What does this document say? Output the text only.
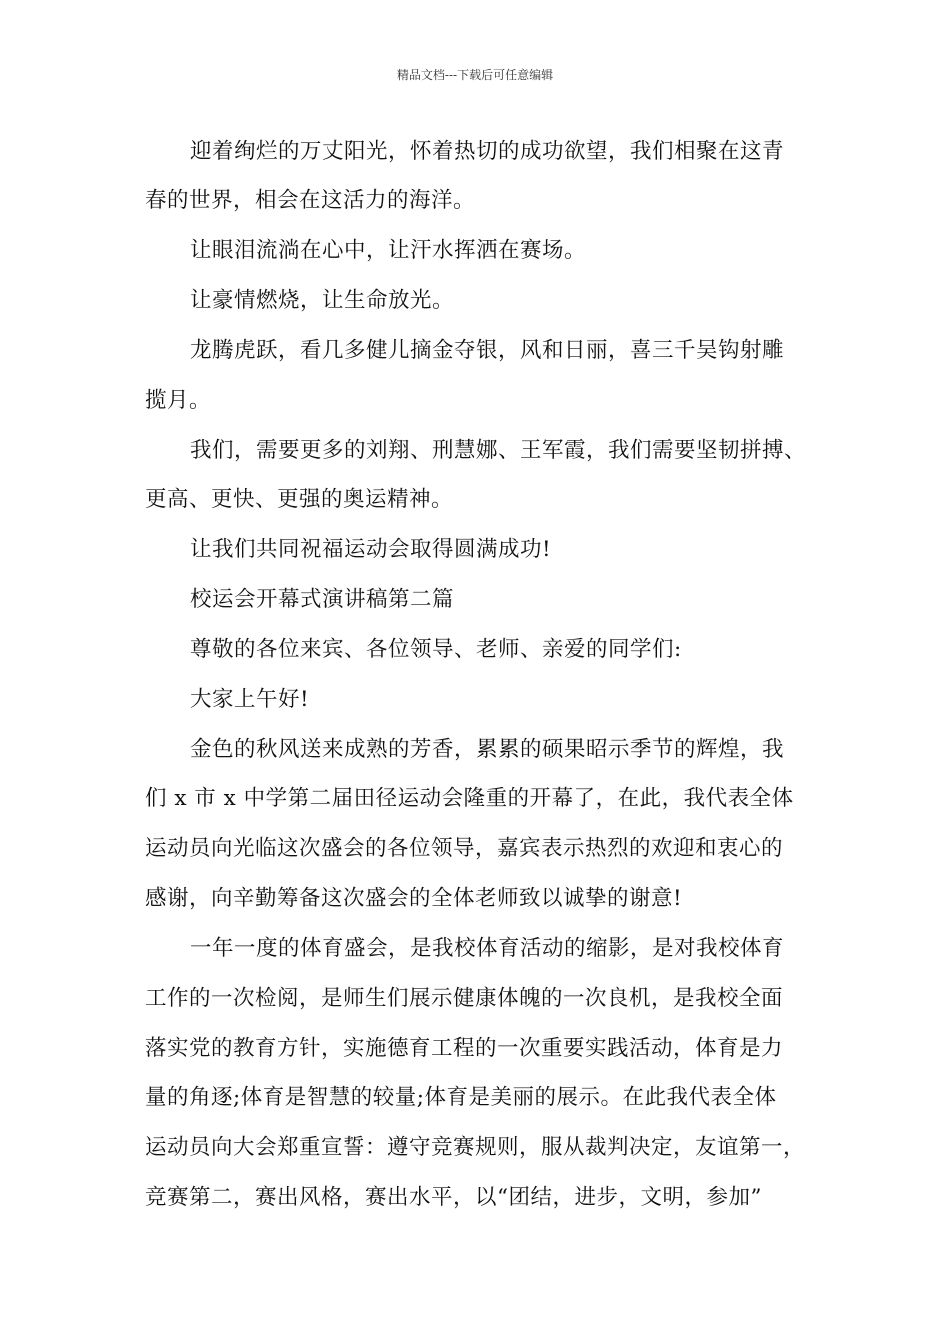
精品文档---下载后可任意编辑
迎着绚烂的万丈阳光，怀着热切的成功欲望，我们相聚在这青
春的世界，相会在这活力的海洋。
让眼泪流淌在心中，让汗水挥洒在赛场。
让豪情燃烧，让生命放光。
龙腾虎跃，看几多健儿摘金夺银，风和日丽，喜三千吴钩射雕
揽月。
我们，需要更多的刘翔、刑慧娜、王军霞，我们需要坚韧拼搏、
更高、更快、更强的奥运精神。
让我们共同祝福运动会取得圆满成功!
校运会开幕式演讲稿第二篇
尊敬的各位来宾、各位领导、老师、亲爱的同学们:
大家上午好!
金色的秋风送来成熟的芳香，累累的硕果昭示季节的辉煌，我
们 x 市 x 中学第二届田径运动会隆重的开幕了，在此，我代表全体
运动员向光临这次盛会的各位领导，嘉宾表示热烈的欢迎和衷心的
感谢，向辛勤筹备这次盛会的全体老师致以诚挚的谢意!
一年一度的体育盛会，是我校体育活动的缩影，是对我校体育
工作的一次检阅，是师生们展示健康体魄的一次良机，是我校全面
落实党的教育方针，实施德育工程的一次重要实践活动，体育是力
量的角逐;体育是智慧的较量;体育是美丽的展示。在此我代表全体
运动员向大会郑重宣誓：遵守竞赛规则，服从裁判决定，友谊第一，
竞赛第二，赛出风格，赛出水平，以“团结，进步，文明，参加”
